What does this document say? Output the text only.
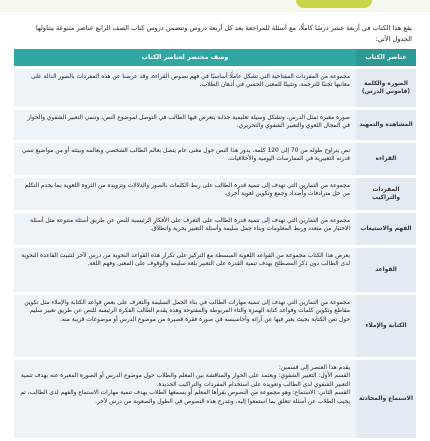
يقع هذا الكتاب في أربعة عشر درسًا كاملًا، مع أسئلة للمراجعة بعد كل أربعة دروس وتتضمن دروس كتاب الصف الرابع عناصر متنوعة يتناولها الجدول الآتي:

عناصر الكتاب	وصف مختصر لعناصر الكتاب
الصورة والكلمة (قاموس الدرس)	مجموعة من المفردات المفتاحية التي تشكل عاملًا أساسيًا في فهم نصوص القراءة، وقد عرضنا عن هذه المفردات بالصور الدالة على معانيها تجنبًا للترجمة، وتثبيتًا للمعنى الحسي في أذهان الطلاب.
المشاهدة والتمهيد	صورة معبرة تمثل الدرس، وتشكل وسيلة تعليمية جذابة يتعرض فيها الطالب في التوصل لموضوع النص، وتنمي التعبير الشفوي والحوار في المجال اللغوي والتعبير الشفوي والتحريري.
القراءة	نص يتراوح طوله من 70 إلى 120 كلمة، يدور هذا النص حول معنى عام يتصل بعالم الطالب الشخصي وبعالمه وبيئته أو من مواضيع تنمي قدرته التعبيرية في الممارسات اليومية والأخلاقيات.
المفردات والتراكيب	مجموعة من التمارين التي تهدف إلى تنمية قدرة الطالب على ربط الكلمات بالصور والدلالات وتزويده من الثروة اللغوية بما يخدم التكلم من حل مترادفات وأضداد وجمع وتكوين لغوية أخرى.
الفهم والاستيعاب	مجموعة من التمارين التي تهدف إلى تنمية قدرة الطالب على التعرف على الأفكار الرئيسية للنص عن طريق أسئلة متنوعة مثل أسئلة الاختيار من متعدد وربط المعلومات وبناء جمل سليمة وأسئلة التعبير بحرية وانطلاق.
القواعد	يعرض هذا الكتاب مجموعة من القواعد اللغوية المبسطة مع التركيز على تكرار هذه القواعد النحوية من درس لآخر لتثبيت القاعدة النحوية لدى الطالب دون ذكر المصطلح بهدف تنمية القدرة على التعبير بلغة سليمة والوقوف على المعنى وفهم اللغة.
الكتابة والإملاء	مجموعة من التمارين التي تهدف إلى تنمية مهارات الطالب في بناء الجمل السليمة والتعرف على بعض قواعد الكتابة والإملاء مثل تكوين مقاطع وتكوين كلمات وفواعد كتابة الهمزة والتاء المربوطة والمفتوحة وهذه يقدم الطالب الفكرة الرئيسة للنص عن طريق تعبير سليم حول نص الكتابة بحيث يعبر فيها عن آرائه وأحاسيسه في صورة فقرة قصيرة من موضوع الدرس أو موضوعات قريبة منه.
الاستماع والمحادثة	يقدم هذا العنصر إلى قسمين:
القسم الأول: التعبير الشفوي: ويعتمد على الحوار والمناقشة بين المعلم والطلاب حول موضوع الدرس أو الصورة المعبرة عنه بهدف تنمية التعبير الشفوي لدى الطالب وتعويده على استخدام المفردات والتراكيب الجديدة.
القسم الثاني: الاستماع: وهو مجموعة من النصوص يقرأها المعلم أو يسمعها الطلاب بهدف تنمية مهارات الاستماع والفهم لدى الطالب، ثم يجيب الطلاب عن أسئلة تتعلق بما استمعوا إليه، وتتدرج هذه النصوص في الطول والصعوبة من درس لآخر.
